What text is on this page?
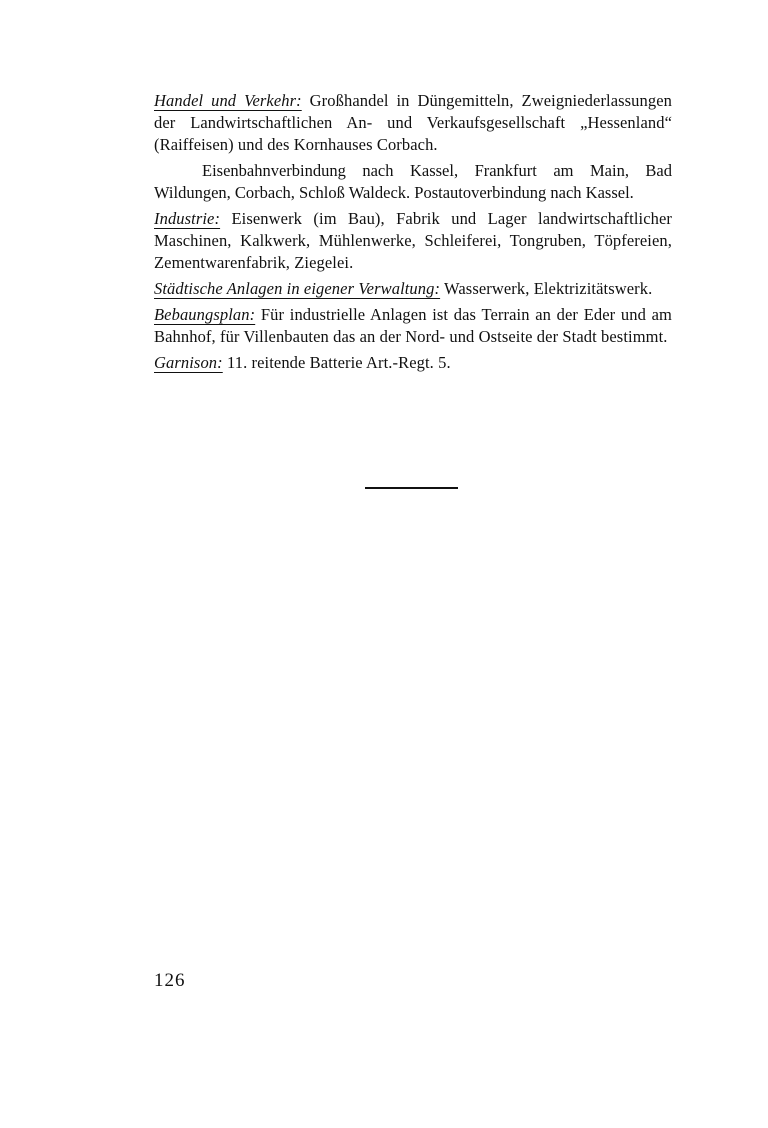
Handel und Verkehr: Großhandel in Düngemitteln, Zweigniederlassungen der Landwirtschaftlichen An- und Verkaufsgesellschaft „Hessenland“ (Raiffeisen) und des Kornhauses Corbach.

Eisenbahnverbindung nach Kassel, Frankfurt am Main, Bad Wildungen, Corbach, Schloß Waldeck. Postautoverbindung nach Kassel.

Industrie: Eisenwerk (im Bau), Fabrik und Lager landwirtschaftlicher Maschinen, Kalkwerk, Mühlenwerke, Schleiferei, Tongruben, Töpfereien, Zementwarenfabrik, Ziegelei.

Städtische Anlagen in eigener Verwaltung: Wasserwerk, Elektrizitätswerk.

Bebaungsplan: Für industrielle Anlagen ist das Terrain an der Eder und am Bahnhof, für Villenbauten das an der Nord- und Ostseite der Stadt bestimmt.

Garnison: 11. reitende Batterie Art.-Regt. 5.

126
